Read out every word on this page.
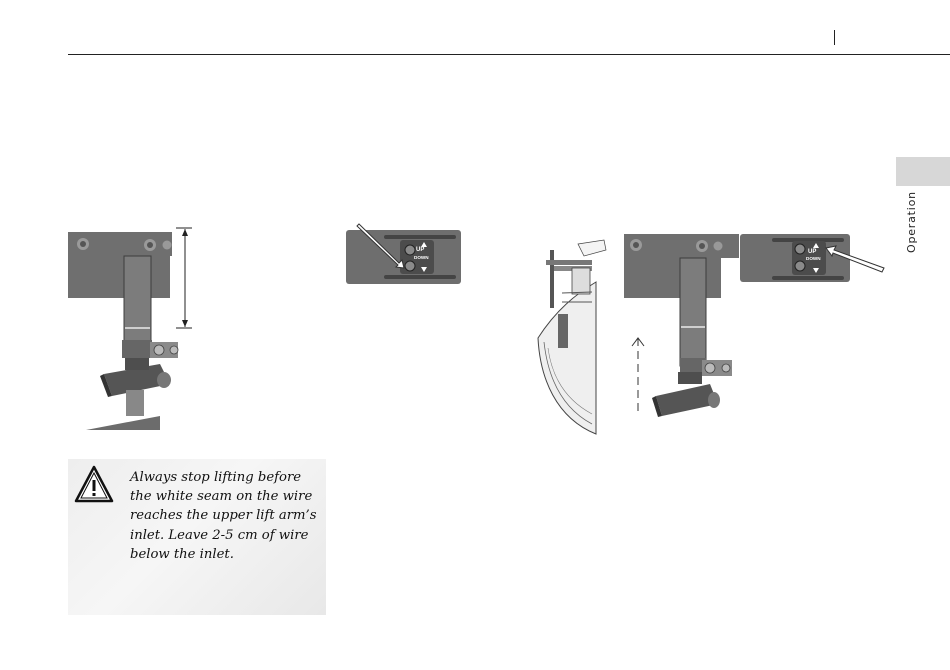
Operation
UP
DOWN
UP
DOWN
Always stop lifting before
the white seam on the wire
reaches the upper lift arm’s
inlet. Leave 2-5 cm of wire
below the inlet.
